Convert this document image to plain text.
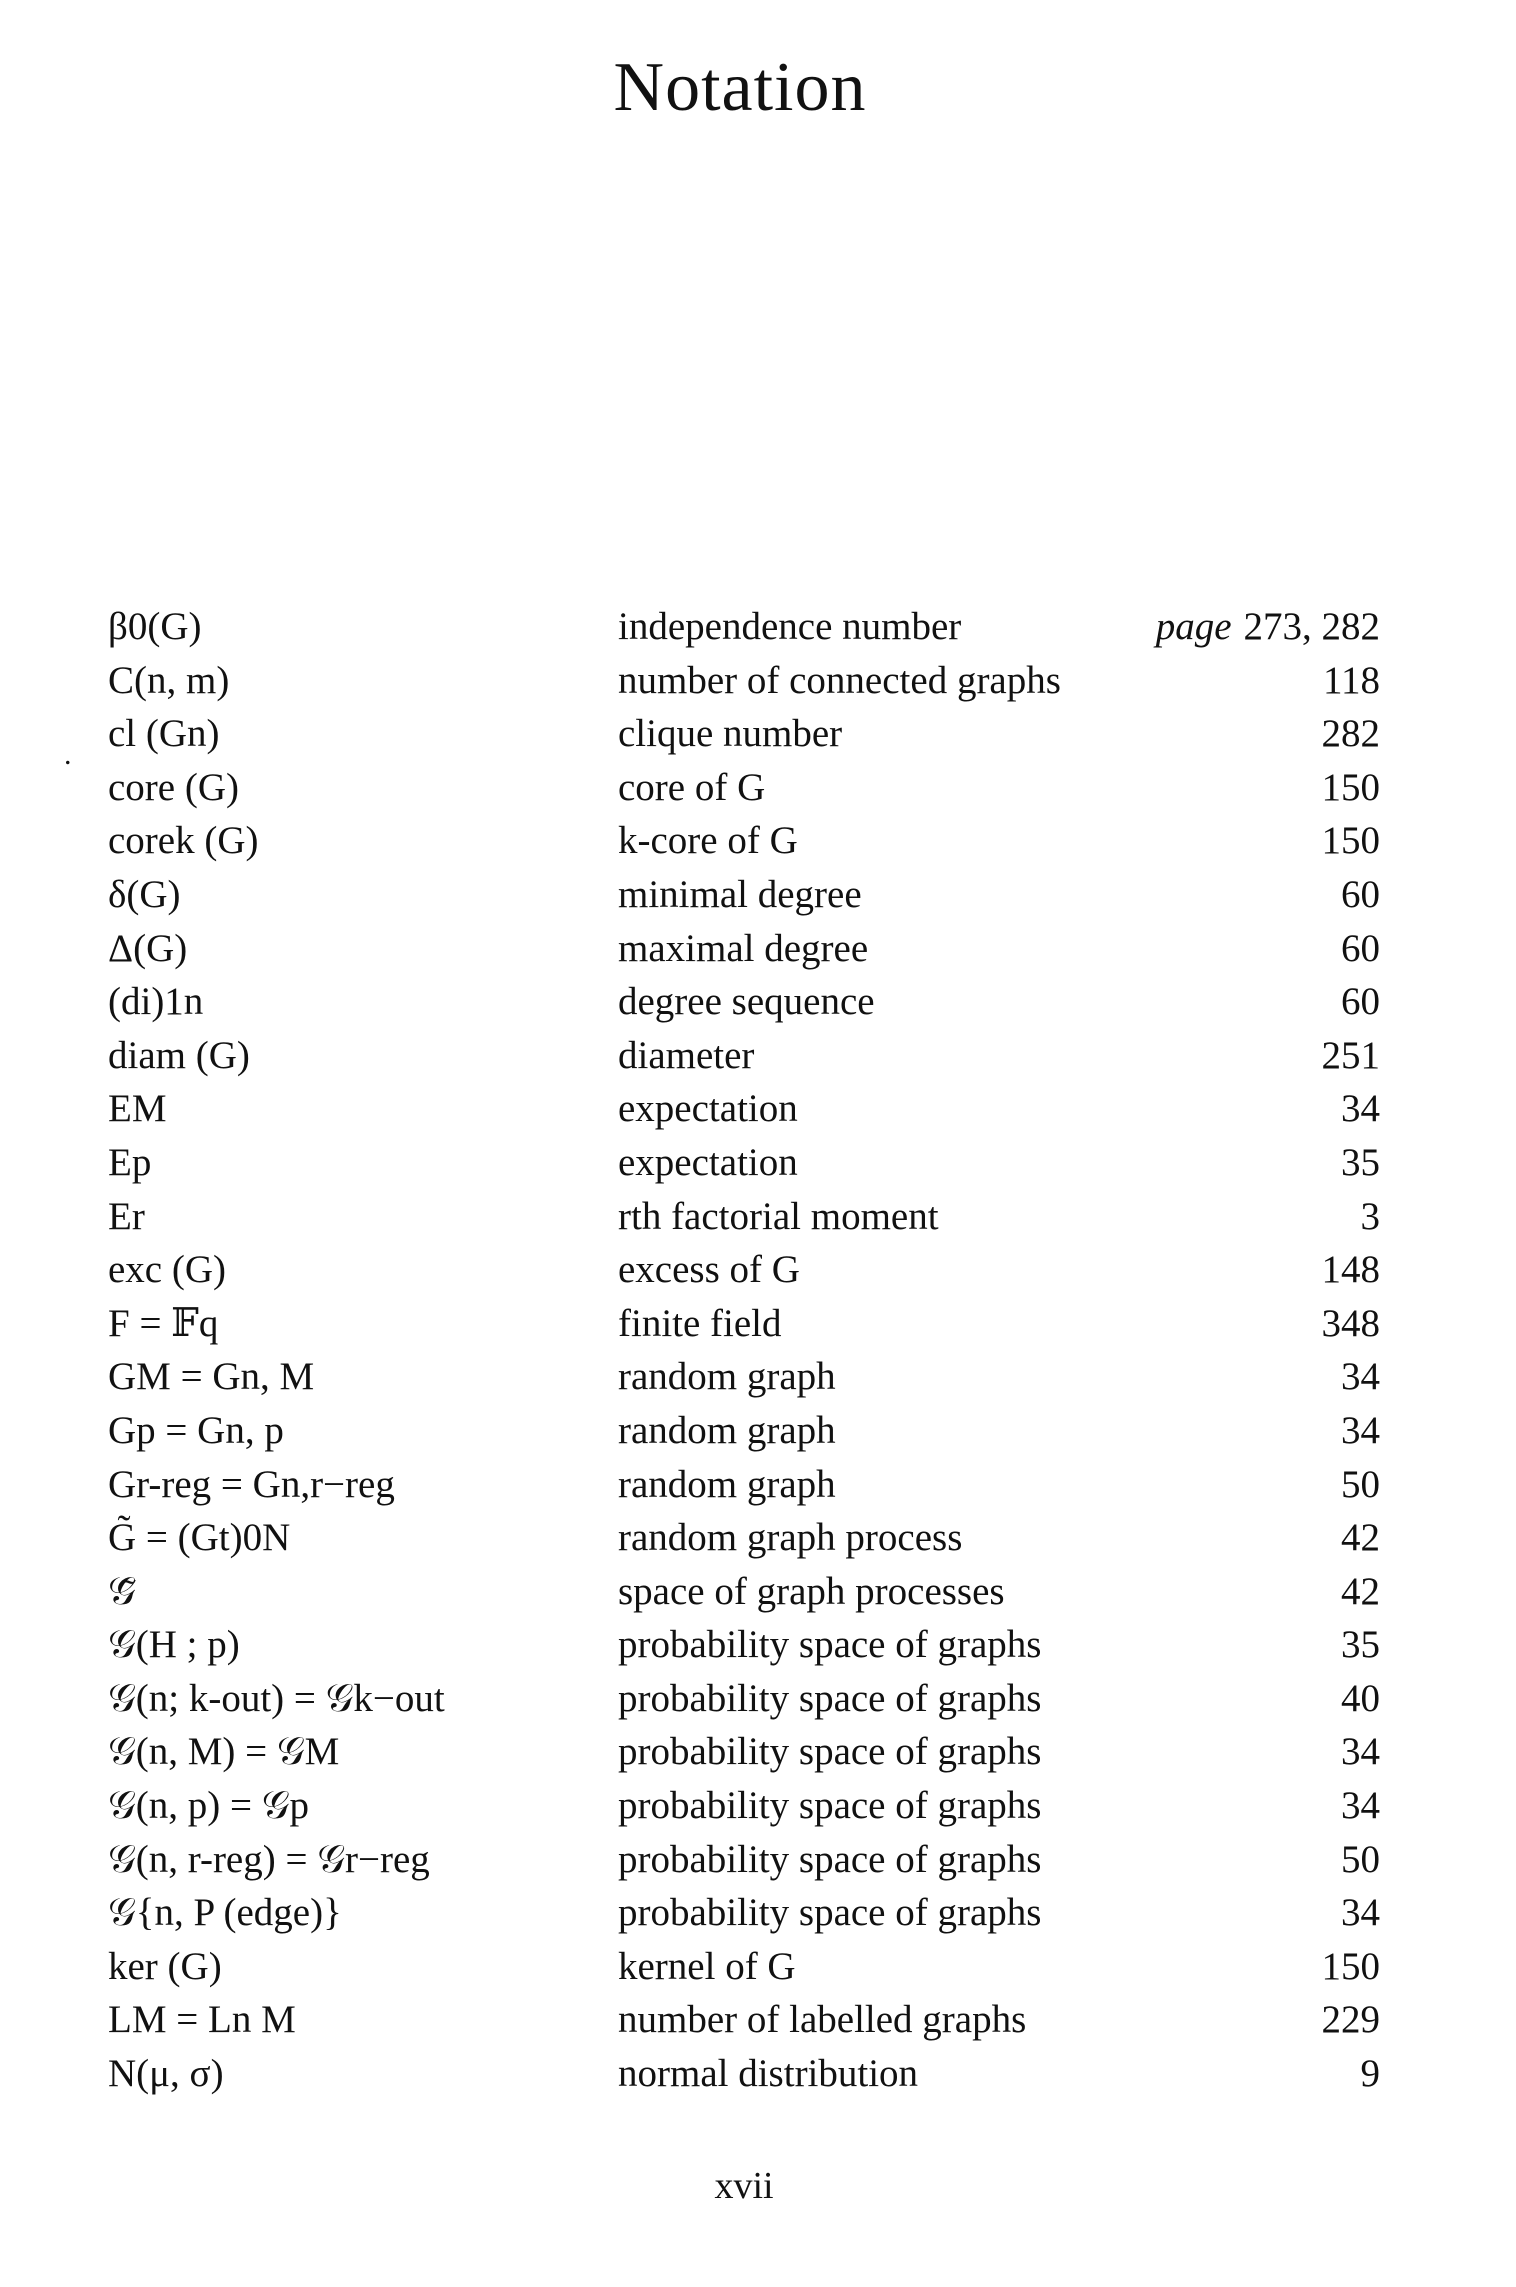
Notation
.
β0(G)	independence number	page 273, 282
C(n, m)	number of connected graphs	118
cl (Gn)	clique number	282
core (G)	core of G	150
corek (G)	k-core of G	150
δ(G)	minimal degree	60
Δ(G)	maximal degree	60
(di)1n	degree sequence	60
diam (G)	diameter	251
EM	expectation	34
Ep	expectation	35
Er	rth factorial moment	3
exc (G)	excess of G	148
F = 𝔽q	finite field	348
GM = Gn, M	random graph	34
Gp = Gn, p	random graph	34
Gr-reg = Gn,r−reg	random graph	50
G̃ = (Gt)0N	random graph process	42
𝒢̃	space of graph processes	42
𝒢(H ; p)	probability space of graphs	35
𝒢(n; k-out) = 𝒢k−out	probability space of graphs	40
𝒢(n, M) = 𝒢M	probability space of graphs	34
𝒢(n, p) = 𝒢p	probability space of graphs	34
𝒢(n, r-reg) = 𝒢r−reg	probability space of graphs	50
𝒢{n, P (edge)}	probability space of graphs	34
ker (G)	kernel of G	150
LM = Ln M	number of labelled graphs	229
N(μ, σ)	normal distribution	9
xvii
